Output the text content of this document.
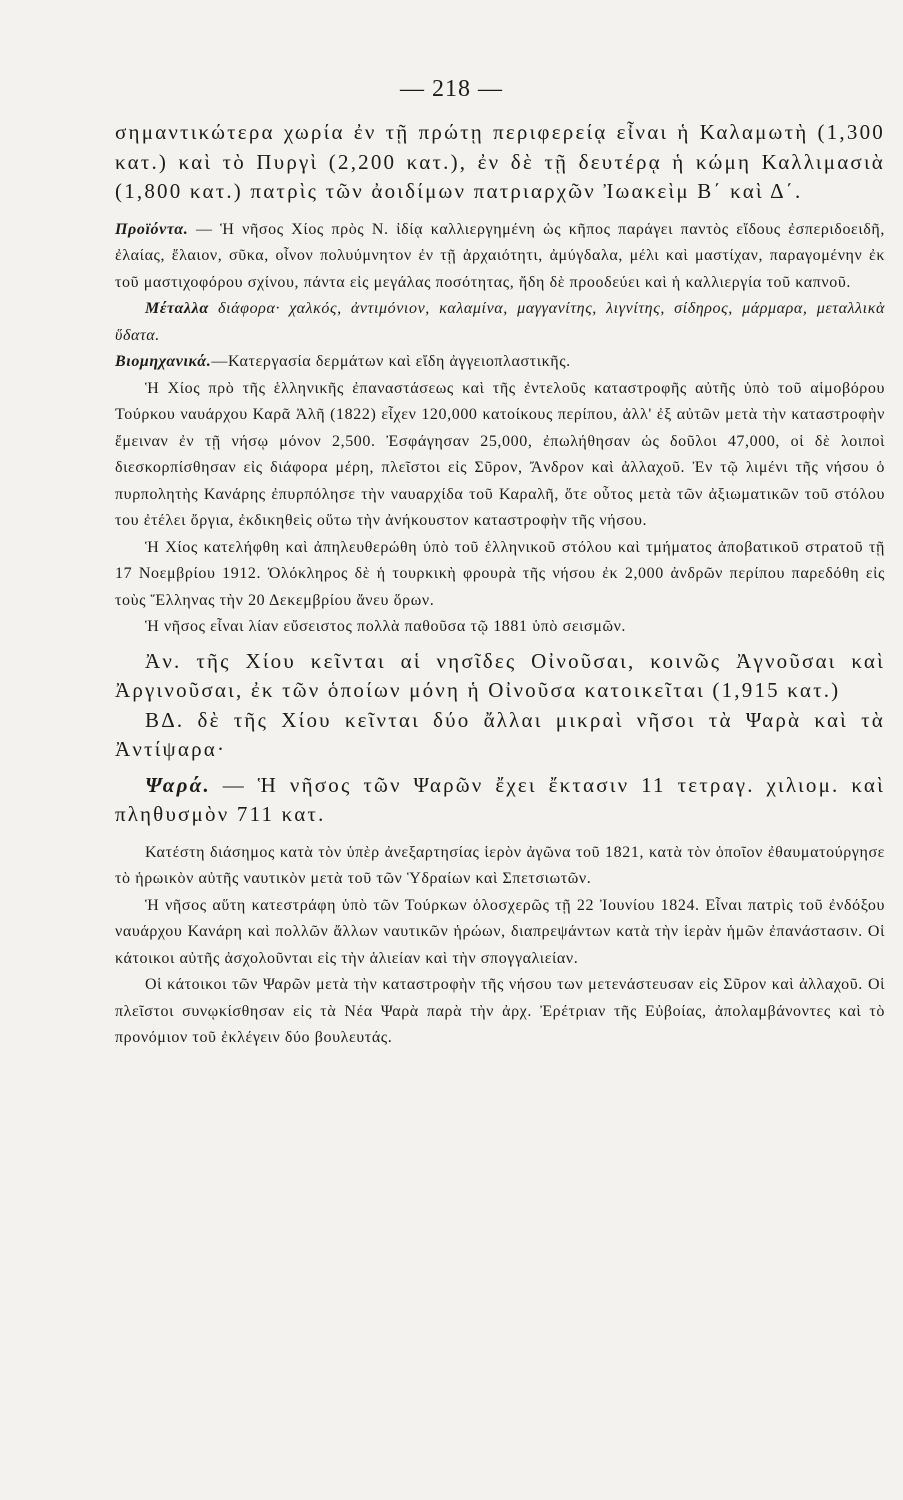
— 218 —

σημαντικώτερα χωρία ἐν τῇ πρώτῃ περιφερείᾳ εἶναι ἡ Καλαμωτὴ (1,300 κατ.) καὶ τὸ Πυργὶ (2,200 κατ.), ἐν δὲ τῇ δευτέρᾳ ἡ κώμη Καλλιμασιὰ (1,800 κατ.) πατρὶς τῶν ἀοιδίμων πατριαρχῶν Ἰωακεὶμ Β΄ καὶ Δ΄.

Προϊόντα. — Ἡ νῆσος Χίος πρὸς Ν. ἰδίᾳ καλλιεργημένη ὡς κῆπος παράγει παντὸς εἴδους ἐσπεριδοειδῆ, ἐλαίας, ἔλαιον, σῦκα, οἶνον πολυύμνητον ἐν τῇ ἀρχαιότητι, ἀμύγδαλα, μέλι καὶ μαστίχαν, παραγομένην ἐκ τοῦ μαστιχοφόρου σχίνου, πάντα εἰς μεγάλας ποσότητας, ἤδη δὲ προοδεύει καὶ ἡ καλλιεργία τοῦ καπνοῦ.

Μέταλλα διάφορα· χαλκός, ἀντιμόνιον, καλαμίνα, μαγγανίτης, λιγνίτης, σίδηρος, μάρμαρα, μεταλλικὰ ὕδατα.

Βιομηχανικά.—Κατεργασία δερμάτων καὶ εἴδη ἀγγειοπλαστικῆς.

Ἡ Χίος πρὸ τῆς ἑλληνικῆς ἐπαναστάσεως καὶ τῆς ἐντελοῦς καταστροφῆς αὐτῆς ὑπὸ τοῦ αἱμοβόρου Τούρκου ναυάρχου Καρᾶ Ἀλῆ (1822) εἶχεν 120,000 κατοίκους περίπου, ἀλλ' ἐξ αὐτῶν μετὰ τὴν καταστροφὴν ἔμειναν ἐν τῇ νήσῳ μόνον 2,500. Ἐσφάγησαν 25,000, ἐπωλήθησαν ὡς δοῦλοι 47,000, οἱ δὲ λοιποὶ διεσκορπίσθησαν εἰς διάφορα μέρη, πλεῖστοι εἰς Σῦρον, Ἄνδρον καὶ ἀλλαχοῦ. Ἐν τῷ λιμένι τῆς νήσου ὁ πυρπολητὴς Κανάρης ἐπυρπόλησε τὴν ναυαρχίδα τοῦ Καραλῆ, ὅτε οὗτος μετὰ τῶν ἀξιωματικῶν τοῦ στόλου του ἐτέλει ὄργια, ἐκδικηθεὶς οὕτω τὴν ἀνήκουστον καταστροφὴν τῆς νήσου.

Ἡ Χίος κατελήφθη καὶ ἀπηλευθερώθη ὑπὸ τοῦ ἑλληνικοῦ στόλου καὶ τμήματος ἀποβατικοῦ στρατοῦ τῇ 17 Νοεμβρίου 1912. Ὁλόκληρος δὲ ἡ τουρκικὴ φρουρὰ τῆς νήσου ἐκ 2,000 ἀνδρῶν περίπου παρεδόθη εἰς τοὺς Ἕλληνας τὴν 20 Δεκεμβρίου ἄνευ ὅρων.

Ἡ νῆσος εἶναι λίαν εὔσειστος πολλὰ παθοῦσα τῷ 1881 ὑπὸ σεισμῶν.

Ἀν. τῆς Χίου κεῖνται αἱ νησῖδες Οἰνοῦσαι, κοινῶς Ἀγνοῦσαι καὶ Ἀργινοῦσαι, ἐκ τῶν ὁποίων μόνη ἡ Οἰνοῦσα κατοικεῖται (1,915 κατ.)

ΒΔ. δὲ τῆς Χίου κεῖνται δύο ἄλλαι μικραὶ νῆσοι τὰ Ψαρὰ καὶ τὰ Ἀντίψαρα·

Ψαρά. — Ἡ νῆσος τῶν Ψαρῶν ἔχει ἔκτασιν 11 τετραγ. χιλιομ. καὶ πληθυσμὸν 711 κατ.

Κατέστη διάσημος κατὰ τὸν ὑπὲρ ἀνεξαρτησίας ἱερὸν ἀγῶνα τοῦ 1821, κατὰ τὸν ὁποῖον ἐθαυματούργησε τὸ ἡρωικὸν αὐτῆς ναυτικὸν μετὰ τοῦ τῶν Ὑδραίων καὶ Σπετσιωτῶν.

Ἡ νῆσος αὕτη κατεστράφη ὑπὸ τῶν Τούρκων ὁλοσχερῶς τῇ 22 Ἰουνίου 1824. Εἶναι πατρὶς τοῦ ἐνδόξου ναυάρχου Κανάρη καὶ πολλῶν ἄλλων ναυτικῶν ἡρώων, διαπρεψάντων κατὰ τὴν ἱερὰν ἡμῶν ἐπανάστασιν. Οἱ κάτοικοι αὐτῆς ἀσχολοῦνται εἰς τὴν ἁλιείαν καὶ τὴν σπογγαλιείαν.

Οἱ κάτοικοι τῶν Ψαρῶν μετὰ τὴν καταστροφὴν τῆς νήσου των μετενάστευσαν εἰς Σῦρον καὶ ἀλλαχοῦ. Οἱ πλεῖστοι συνῳκίσθησαν εἰς τὰ Νέα Ψαρὰ παρὰ τὴν ἀρχ. Ἐρέτριαν τῆς Εὐβοίας, ἀπολαμβάνοντες καὶ τὸ προνόμιον τοῦ ἐκλέγειν δύο βουλευτάς.
